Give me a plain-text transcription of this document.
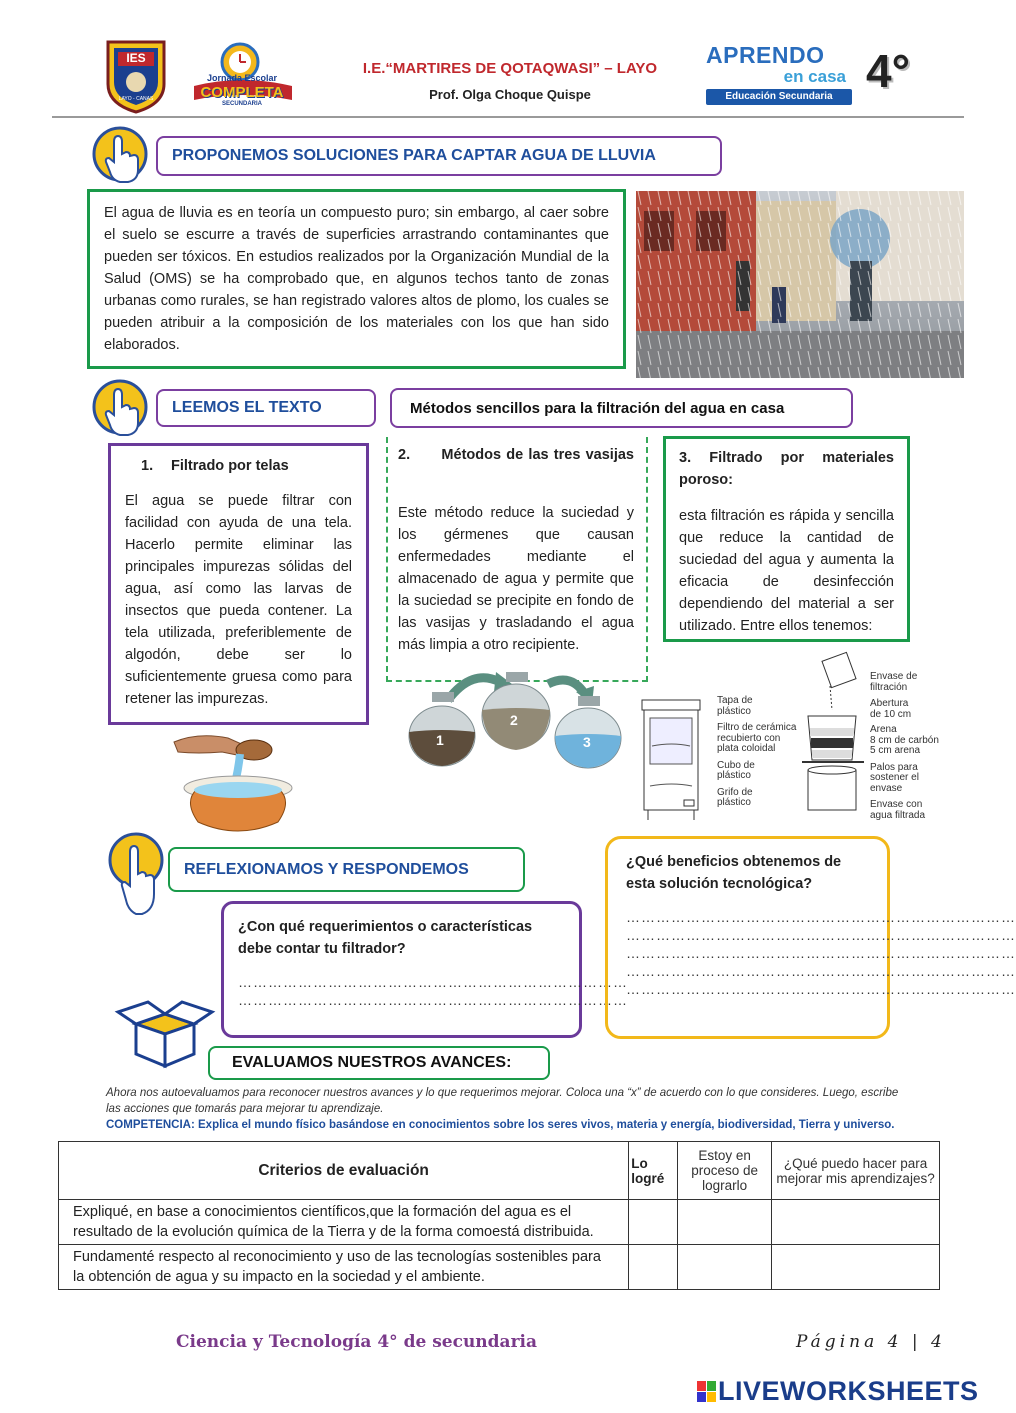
IES
LAYO - CANAS
Jornada Escolar
COMPLETA
SECUNDARIA
I.E.“MARTIRES DE QOTAQWASI” – LAYO
Prof. Olga Choque Quispe
APRENDO
en casa
Educación Secundaria 4°
PROPONEMOS SOLUCIONES PARA CAPTAR AGUA DE LLUVIA
El agua de lluvia es en teoría un compuesto puro; sin embargo, al caer sobre el suelo se escurre a través de superficies arrastrando contaminantes que pueden ser tóxicos. En estudios realizados por la Organización Mundial de la Salud (OMS) se ha comprobado que, en algunos techos tanto de zonas urbanas como rurales, se han registrado valores altos de plomo, los cuales se pueden atribuir a la composición de los materiales con los que han sido elaborados.
LEEMOS EL TEXTO	Métodos sencillos para la filtración del agua en casa
1.	Filtrado por telas
El agua se puede filtrar con facilidad con ayuda de una tela. Hacerlo permite eliminar las principales impurezas sólidas del agua, así como las larvas de insectos que pueda contener. La tela utilizada, preferiblemente de algodón, debe ser lo suficientemente gruesa como para retener las impurezas.
2.      Métodos de las tres vasijas
Este método reduce la suciedad y los gérmenes que causan enfermedades mediante el almacenado de agua y permite que la suciedad se precipite en fondo de las vasijas y trasladando el agua más limpia a otro recipiente.
3. Filtrado por materiales poroso:
esta filtración es rápida y sencilla que reduce la cantidad de suciedad del agua y aumenta la eficacia de desinfección dependiendo del material a ser utilizado. Entre ellos tenemos:
1
2
3
Tapa de plástico
Filtro de cerámica recubierto con plata coloidal
Cubo de plástico
Grifo de plástico
Envase de filtración
Abertura de 10 cm
Arena
8 cm de carbón
5 cm arena
Palos para sostener el envase
Envase con agua filtrada
REFLEXIONAMOS Y RESPONDEMOS
¿Con qué requerimientos o características debe contar tu filtrador?
……………………………………………………………………
……………………………………………………………………
¿Qué beneficios obtenemos de esta solución tecnológica?
……………………………………………………………………
……………………………………………………………………
……………………………………………………………………
……………………………………………………………………
……………………………………………………………………
EVALUAMOS NUESTROS AVANCES:
Ahora nos autoevaluamos para reconocer nuestros avances y lo que requerimos mejorar. Coloca una “x” de acuerdo con lo que consideres. Luego, escribe las acciones que tomarás para mejorar tu aprendizaje.
COMPETENCIA: Explica el mundo físico basándose en conocimientos sobre los seres vivos, materia y energía, biodiversidad, Tierra y universo.
Criterios de evaluación	Lo logré	Estoy en proceso de lograrlo	¿Qué puedo hacer para mejorar mis aprendizajes?
Expliqué, en base a conocimientos científicos,que la formación del agua es el resultado de la evolución química de la Tierra y de la forma comoestá distribuida.			
Fundamenté respecto al reconocimiento y uso de las tecnologías sostenibles para la obtención de agua y su impacto en la sociedad y el ambiente.			
Ciencia y Tecnología 4° de secundaria	Página 4 | 4
LIVEWORKSHEETS
